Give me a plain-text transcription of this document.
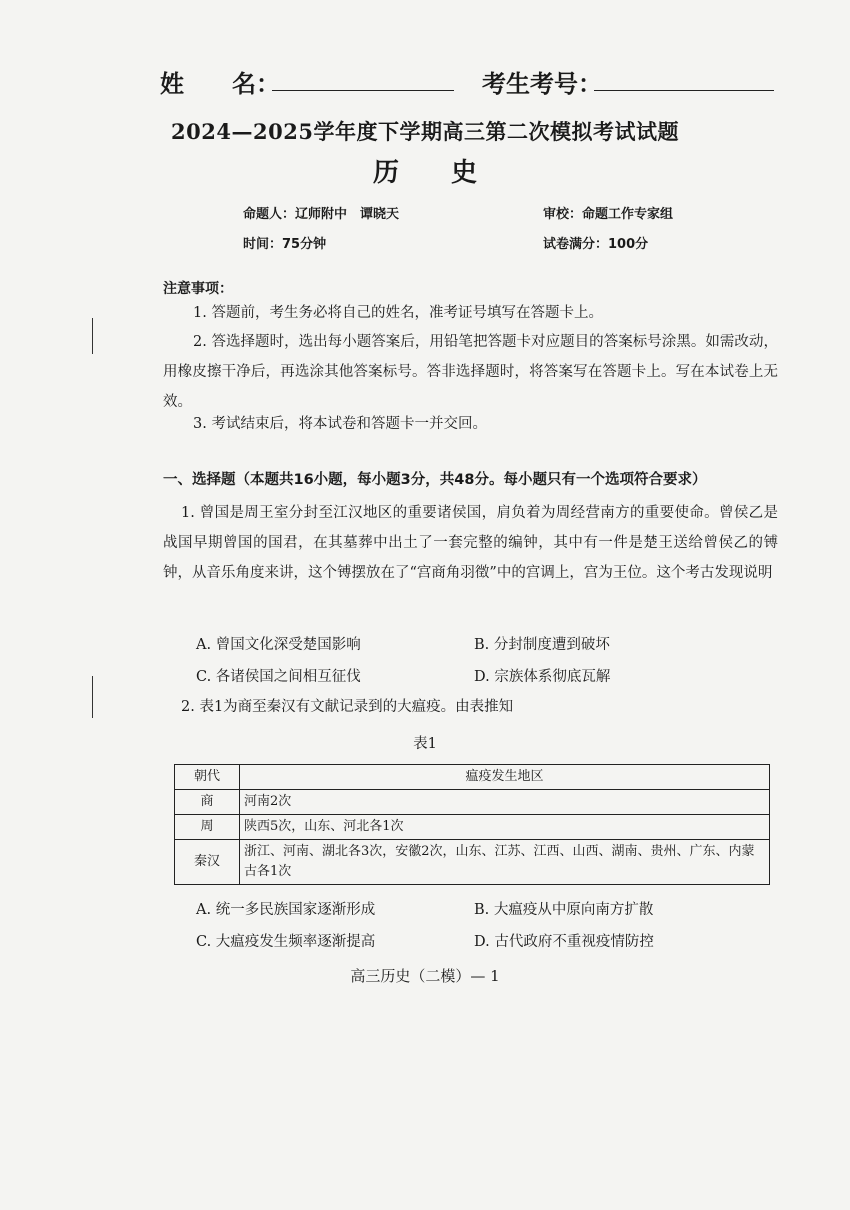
姓　　名：	考生考号：
2024—2025学年度下学期高三第二次模拟考试试题
历　　史
命题人：辽师附中　谭晓天	审校：命题工作专家组
时间：75分钟	试卷满分：100分
注意事项：
1. 答题前，考生务必将自己的姓名，准考证号填写在答题卡上。
2. 答选择题时，选出每小题答案后，用铅笔把答题卡对应题目的答案标号涂黑。如需改动，用橡皮擦干净后，再选涂其他答案标号。答非选择题时，将答案写在答题卡上。写在本试卷上无效。
3. 考试结束后，将本试卷和答题卡一并交回。
一、选择题（本题共16小题，每小题3分，共48分。每小题只有一个选项符合要求）
1. 曾国是周王室分封至江汉地区的重要诸侯国，肩负着为周经营南方的重要使命。曾侯乙是战国早期曾国的国君，在其墓葬中出土了一套完整的编钟，其中有一件是楚王送给曾侯乙的镈钟，从音乐角度来讲，这个镈摆放在了“宫商角羽徵”中的宫调上，宫为王位。这个考古发现说明
A. 曾国文化深受楚国影响	B. 分封制度遭到破坏
C. 各诸侯国之间相互征伐	D. 宗族体系彻底瓦解
2. 表1为商至秦汉有文献记录到的大瘟疫。由表推知
表1
朝代	瘟疫发生地区
商	河南2次
周	陕西5次，山东、河北各1次
秦汉	浙江、河南、湖北各3次，安徽2次，山东、江苏、江西、山西、湖南、贵州、广东、内蒙古各1次
A. 统一多民族国家逐渐形成	B. 大瘟疫从中原向南方扩散
C. 大瘟疫发生频率逐渐提高	D. 古代政府不重视疫情防控
高三历史（二模）— 1
